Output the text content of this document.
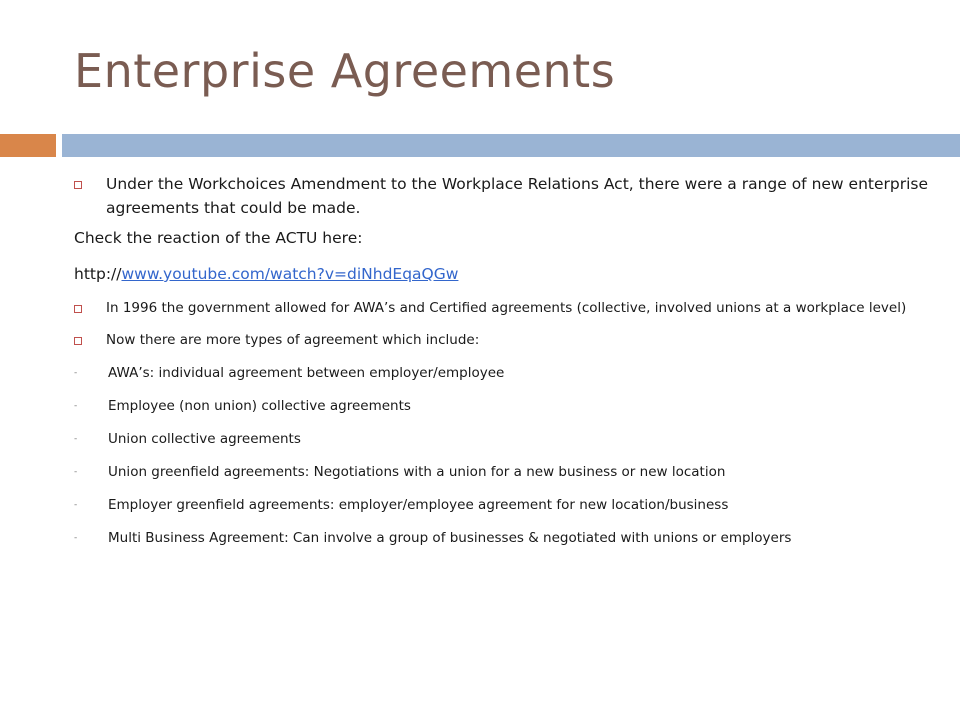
Enterprise Agreements
Under the Workchoices Amendment to the Workplace Relations Act, there were a range of new enterprise agreements that could be made.
Check the reaction of the ACTU here:
http://www.youtube.com/watch?v=diNhdEqaQGw
In 1996 the government allowed for AWA’s and Certified agreements (collective, involved unions at a workplace level)
Now there are more types of agreement which include:
-	AWA’s: individual agreement between employer/employee
-	Employee (non union) collective agreements
-	Union collective agreements
-	Union greenfield agreements: Negotiations with a union for a new business or new location
-	Employer greenfield agreements: employer/employee agreement for new location/business
-	Multi Business Agreement: Can involve a group of businesses & negotiated with unions or employers
